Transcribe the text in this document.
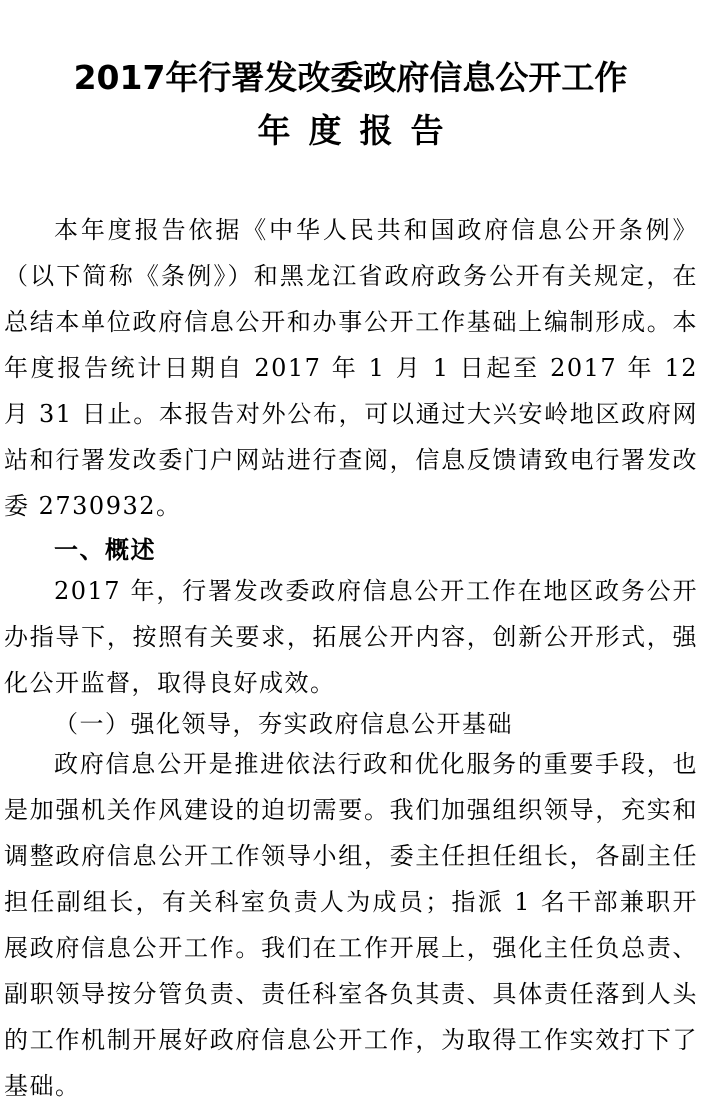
2017年行署发改委政府信息公开工作
年度报告

本年度报告依据《中华人民共和国政府信息公开条例》（以下简称《条例》）和黑龙江省政府政务公开有关规定，在总结本单位政府信息公开和办事公开工作基础上编制形成。本年度报告统计日期自 2017 年 1 月 1 日起至 2017 年 12 月 31 日止。本报告对外公布，可以通过大兴安岭地区政府网站和行署发改委门户网站进行查阅，信息反馈请致电行署发改委 2730932。

一、概述

2017 年，行署发改委政府信息公开工作在地区政务公开办指导下，按照有关要求，拓展公开内容，创新公开形式，强化公开监督，取得良好成效。

（一）强化领导，夯实政府信息公开基础

政府信息公开是推进依法行政和优化服务的重要手段，也是加强机关作风建设的迫切需要。我们加强组织领导，充实和调整政府信息公开工作领导小组，委主任担任组长，各副主任担任副组长，有关科室负责人为成员；指派 1 名干部兼职开展政府信息公开工作。我们在工作开展上，强化主任负总责、副职领导按分管负责、责任科室各负其责、具体责任落到人头的工作机制开展好政府信息公开工作，为取得工作实效打下了基础。
